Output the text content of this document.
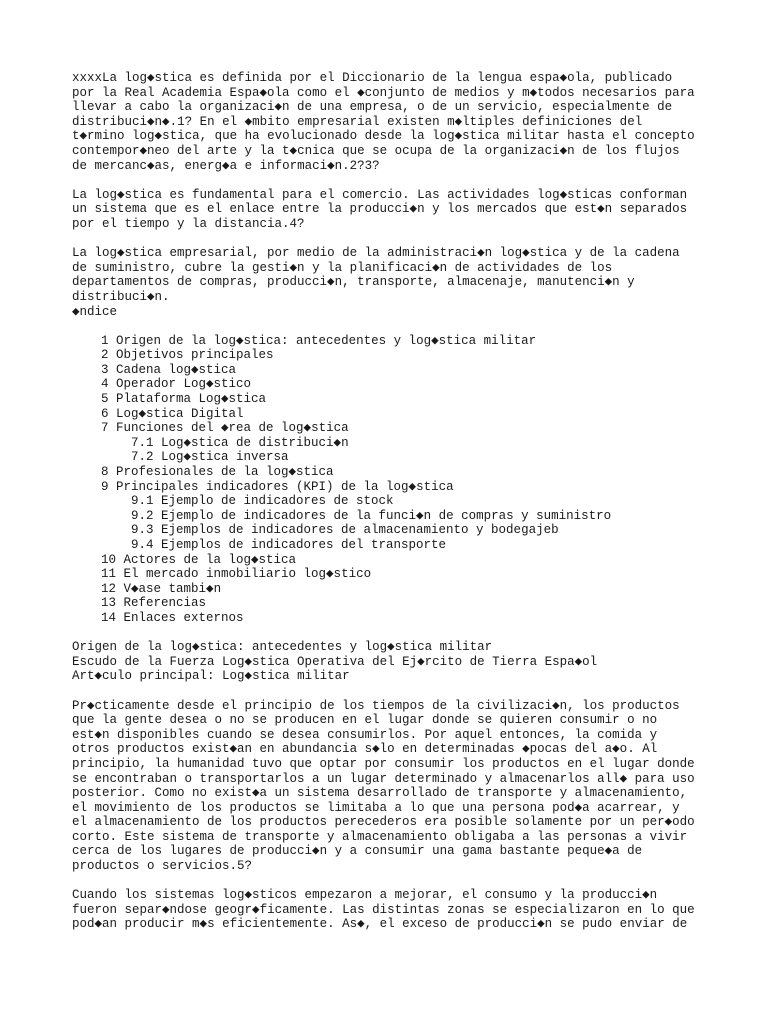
xxxxLa log◆stica es definida por el Diccionario de la lengua espa◆ola, publicado
por la Real Academia Espa◆ola como el ◆conjunto de medios y m◆todos necesarios para
llevar a cabo la organizaci◆n de una empresa, o de un servicio, especialmente de
distribuci◆n◆.1? En el ◆mbito empresarial existen m◆ltiples definiciones del
t◆rmino log◆stica, que ha evolucionado desde la log◆stica militar hasta el concepto
contempor◆neo del arte y la t◆cnica que se ocupa de la organizaci◆n de los flujos
de mercanc◆as, energ◆a e informaci◆n.2?3?
La log◆stica es fundamental para el comercio. Las actividades log◆sticas conforman
un sistema que es el enlace entre la producci◆n y los mercados que est◆n separados
por el tiempo y la distancia.4?
La log◆stica empresarial, por medio de la administraci◆n log◆stica y de la cadena
de suministro, cubre la gesti◆n y la planificaci◆n de actividades de los
departamentos de compras, producci◆n, transporte, almacenaje, manutenci◆n y
distribuci◆n.
◆ndice
1 Origen de la log◆stica: antecedentes y log◆stica militar
2 Objetivos principales
3 Cadena log◆stica
4 Operador Log◆stico
5 Plataforma Log◆stica
6 Log◆stica Digital
7 Funciones del ◆rea de log◆stica
7.1 Log◆stica de distribuci◆n
7.2 Log◆stica inversa
8 Profesionales de la log◆stica
9 Principales indicadores (KPI) de la log◆stica
9.1 Ejemplo de indicadores de stock
9.2 Ejemplo de indicadores de la funci◆n de compras y suministro
9.3 Ejemplos de indicadores de almacenamiento y bodegajeb
9.4 Ejemplos de indicadores del transporte
10 Actores de la log◆stica
11 El mercado inmobiliario log◆stico
12 V◆ase tambi◆n
13 Referencias
14 Enlaces externos
Origen de la log◆stica: antecedentes y log◆stica militar
Escudo de la Fuerza Log◆stica Operativa del Ej◆rcito de Tierra Espa◆ol
Art◆culo principal: Log◆stica militar
Pr◆cticamente desde el principio de los tiempos de la civilizaci◆n, los productos
que la gente desea o no se producen en el lugar donde se quieren consumir o no
est◆n disponibles cuando se desea consumirlos. Por aquel entonces, la comida y
otros productos exist◆an en abundancia s◆lo en determinadas ◆pocas del a◆o. Al
principio, la humanidad tuvo que optar por consumir los productos en el lugar donde
se encontraban o transportarlos a un lugar determinado y almacenarlos all◆ para uso
posterior. Como no exist◆a un sistema desarrollado de transporte y almacenamiento,
el movimiento de los productos se limitaba a lo que una persona pod◆a acarrear, y
el almacenamiento de los productos perecederos era posible solamente por un per◆odo
corto. Este sistema de transporte y almacenamiento obligaba a las personas a vivir
cerca de los lugares de producci◆n y a consumir una gama bastante peque◆a de
productos o servicios.5?
Cuando los sistemas log◆sticos empezaron a mejorar, el consumo y la producci◆n
fueron separ◆ndose geogr◆ficamente. Las distintas zonas se especializaron en lo que
pod◆an producir m◆s eficientemente. As◆, el exceso de producci◆n se pudo enviar de
